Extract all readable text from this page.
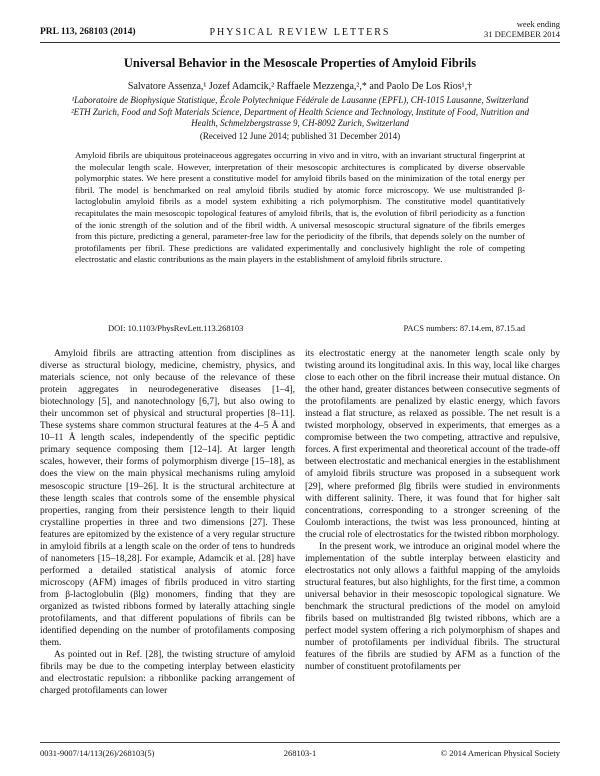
PRL 113, 268103 (2014)	PHYSICAL REVIEW LETTERS
week ending
31 DECEMBER 2014
Universal Behavior in the Mesoscale Properties of Amyloid Fibrils
Salvatore Assenza,¹ Jozef Adamcik,² Raffaele Mezzenga,²,* and Paolo De Los Rios¹,†
¹Laboratoire de Biophysique Statistique, École Polytechnique Fédérale de Lausanne (EPFL), CH-1015 Lausanne, Switzerland
²ETH Zurich, Food and Soft Materials Science, Department of Health Science and Technology, Institute of Food, Nutrition and Health, Schmelzbergstrasse 9, CH-8092 Zurich, Switzerland
(Received 12 June 2014; published 31 December 2014)
Amyloid fibrils are ubiquitous proteinaceous aggregates occurring in vivo and in vitro, with an invariant structural fingerprint at the molecular length scale. However, interpretation of their mesoscopic architectures is complicated by diverse observable polymorphic states. We here present a constitutive model for amyloid fibrils based on the minimization of the total energy per fibril. The model is benchmarked on real amyloid fibrils studied by atomic force microscopy. We use multistranded β-lactoglobulin amyloid fibrils as a model system exhibiting a rich polymorphism. The constitutive model quantitatively recapitulates the main mesoscopic topological features of amyloid fibrils, that is, the evolution of fibril periodicity as a function of the ionic strength of the solution and of the fibril width. A universal mesoscopic structural signature of the fibrils emerges from this picture, predicting a general, parameter-free law for the periodicity of the fibrils, that depends solely on the number of protofilaments per fibril. These predictions are validated experimentally and conclusively highlight the role of competing electrostatic and elastic contributions as the main players in the establishment of amyloid fibrils structure.
DOI: 10.1103/PhysRevLett.113.268103	PACS numbers: 87.14.em, 87.15.ad

Amyloid fibrils are attracting attention from disciplines as diverse as structural biology, medicine, chemistry, physics, and materials science, not only because of the relevance of these protein aggregates in neurodegenerative diseases [1–4], biotechnology [5], and nanotechnology [6,7], but also owing to their uncommon set of physical and structural properties [8–11]. These systems share common structural features at the 4–5 Å and 10–11 Å length scales, independently of the specific peptidic primary sequence composing them [12–14]. At larger length scales, however, their forms of polymorphism diverge [15–18], as does the view on the main physical mechanisms ruling amyloid mesoscopic structure [19–26]. It is the structural architecture at these length scales that controls some of the ensemble physical properties, ranging from their persistence length to their liquid crystalline properties in three and two dimensions [27]. These features are epitomized by the existence of a very regular structure in amyloid fibrils at a length scale on the order of tens to hundreds of nanometers [15–18,28]. For example, Adamcik et al. [28] have performed a detailed statistical analysis of atomic force microscopy (AFM) images of fibrils produced in vitro starting from β-lactoglobulin (βlg) monomers, finding that they are organized as twisted ribbons formed by laterally attaching single protofilaments, and that different populations of fibrils can be identified depending on the number of protofilaments composing them.

As pointed out in Ref. [28], the twisting structure of amyloid fibrils may be due to the competing interplay between elasticity and electrostatic repulsion: a ribbonlike packing arrangement of charged protofilaments can lower

its electrostatic energy at the nanometer length scale only by twisting around its longitudinal axis. In this way, local like charges close to each other on the fibril increase their mutual distance. On the other hand, greater distances between consecutive segments of the protofilaments are penalized by elastic energy, which favors instead a flat structure, as relaxed as possible. The net result is a twisted morphology, observed in experiments, that emerges as a compromise between the two competing, attractive and repulsive, forces. A first experimental and theoretical account of the trade-off between electrostatic and mechanical energies in the establishment of amyloid fibrils structure was proposed in a subsequent work [29], where preformed βlg fibrils were studied in environments with different salinity. There, it was found that for higher salt concentrations, corresponding to a stronger screening of the Coulomb interactions, the twist was less pronounced, hinting at the crucial role of electrostatics for the twisted ribbon morphology.

In the present work, we introduce an original model where the implementation of the subtle interplay between elasticity and electrostatics not only allows a faithful mapping of the amyloids structural features, but also highlights, for the first time, a common universal behavior in their mesoscopic topological signature. We benchmark the structural predictions of the model on amyloid fibrils based on multistranded βlg twisted ribbons, which are a perfect model system offering a rich polymorphism of shapes and number of protofilaments per individual fibrils. The structural features of the fibrils are studied by AFM as a function of the number of constituent protofilaments per

0031-9007/14/113(26)/268103(5)	268103-1	© 2014 American Physical Society
